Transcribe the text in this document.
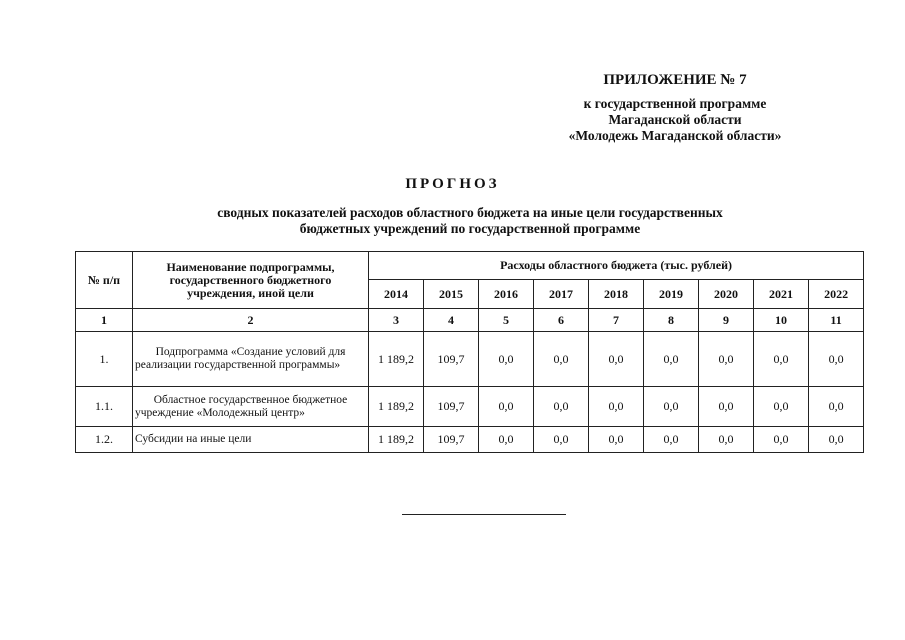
ПРИЛОЖЕНИЕ № 7
к государственной программе
Магаданской области
«Молодежь Магаданской области»
ПРОГНОЗ
сводных показателей расходов областного бюджета на иные цели государственных
бюджетных учреждений по государственной программе
№ п/п	Наименование подпрограммы, государственного бюджетного учреждения, иной цели	Расходы областного бюджета (тыс. рублей)								
		2014	2015	2016	2017	2018	2019	2020	2021	2022
1	2	3	4	5	6	7	8	9	10	11
1.	Подпрограмма «Создание условий для реализации государственной программы»	1 189,2	109,7	0,0	0,0	0,0	0,0	0,0	0,0	0,0
1.1.	Областное государственное бюджетное учреждение «Молодежный центр»	1 189,2	109,7	0,0	0,0	0,0	0,0	0,0	0,0	0,0
1.2.	Субсидии на иные цели	1 189,2	109,7	0,0	0,0	0,0	0,0	0,0	0,0	0,0
